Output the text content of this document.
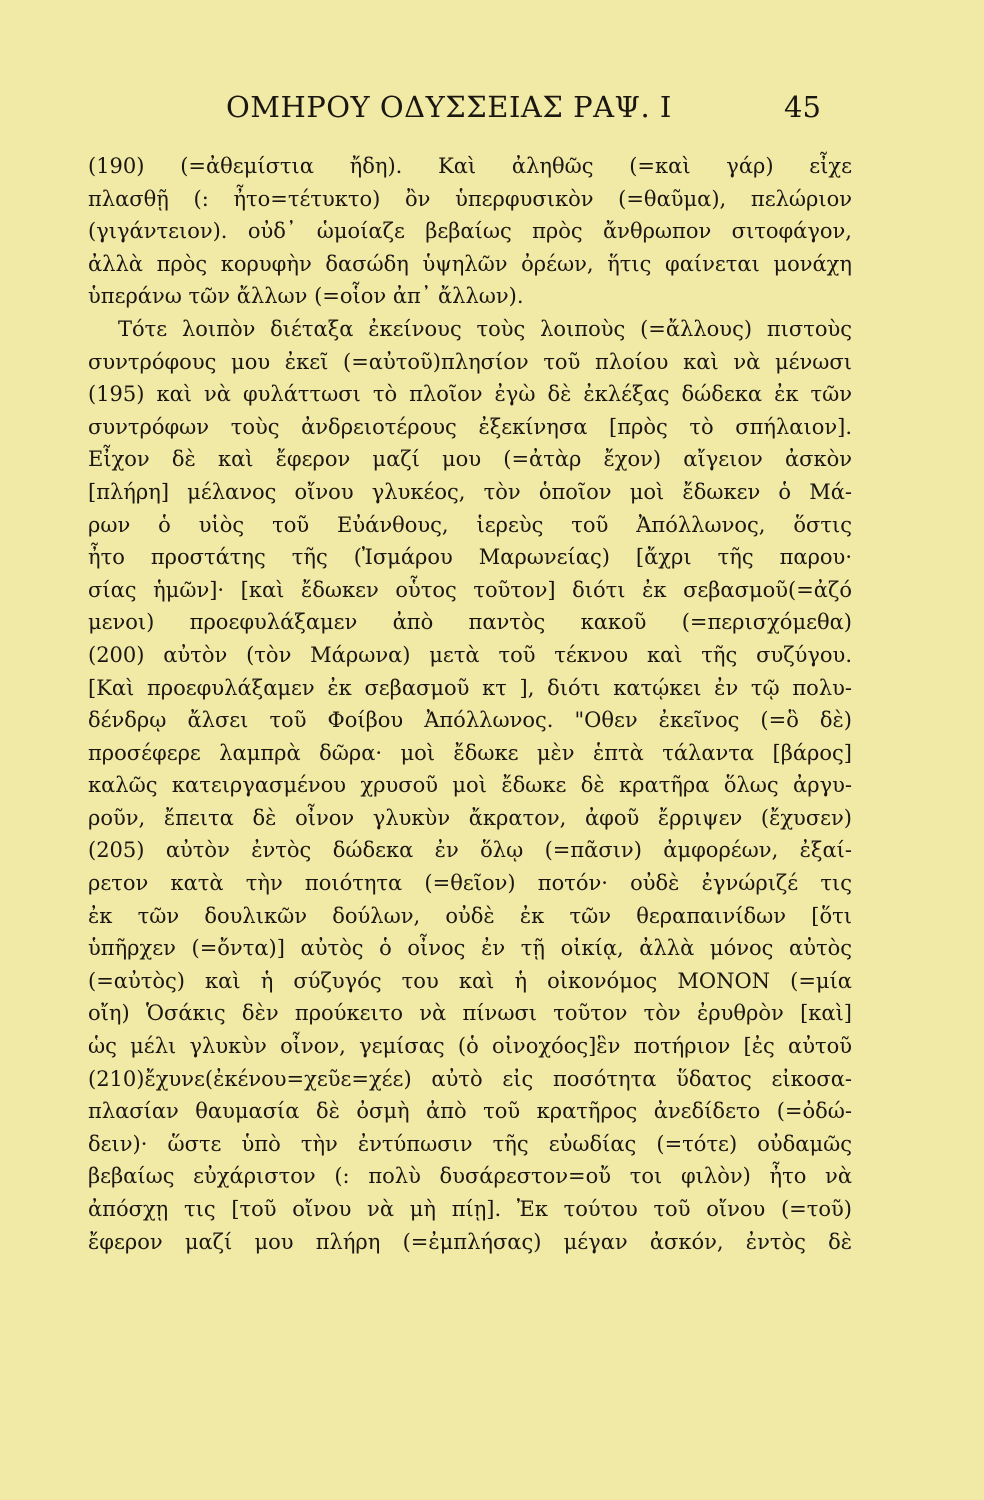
ΟΜΗΡΟΥ ΟΔΥΣΣΕΙΑΣ ΡΑΨ. Ι	45
(190) (=ἀθεμίστια ἤδη). Καὶ ἀληθῶς (=καὶ γάρ) εἶχε
πλασθῇ (: ἦτο=τέτυκτο) ὂν ὑπερφυσικὸν (=θαῦμα), πελώριον
(γιγάντειον). οὐδ᾽ ὡμοίαζε βεβαίως πρὸς ἄνθρωπον σιτοφάγον,
ἀλλὰ πρὸς κορυφὴν δασώδη ὑψηλῶν ὀρέων, ἥτις φαίνεται μονάχη
ὑπεράνω τῶν ἄλλων (=οἷον ἀπ᾽ ἄλλων).
Τότε λοιπὸν διέταξα ἐκείνους τοὺς λοιποὺς (=ἄλλους) πιστοὺς
συντρόφους μου ἐκεῖ (=αὐτοῦ)πλησίον τοῦ πλοίου καὶ νὰ μένωσι
(195) καὶ νὰ φυλάττωσι τὸ πλοῖον ἐγὼ δὲ ἐκλέξας δώδεκα ἐκ τῶν
συντρόφων τοὺς ἀνδρειοτέρους ἐξεκίνησα [πρὸς τὸ σπήλαιον].
Εἶχον δὲ καὶ ἔφερον μαζί μου (=ἀτὰρ ἔχον) αἴγειον ἀσκὸν
[πλήρη] μέλανος οἴνου γλυκέος, τὸν ὁποῖον μοὶ ἔδωκεν ὁ Μά-
ρων ὁ υἱὸς τοῦ Εὐάνθους, ἱερεὺς τοῦ Ἀπόλλωνος, ὅστις
ἦτο προστάτης τῆς (Ἰσμάρου Μαρωνείας) [ἄχρι τῆς παρου·
σίας ἡμῶν]· [καὶ ἔδωκεν οὗτος τοῦτον] διότι ἐκ σεβασμοῦ(=ἀζό
μενοι) προεφυλάξαμεν ἀπὸ παντὸς κακοῦ (=περισχόμεθα)
(200) αὐτὸν (τὸν Μάρωνα) μετὰ τοῦ τέκνου καὶ τῆς συζύγου.
[Καὶ προεφυλάξαμεν ἐκ σεβασμοῦ κτ ], διότι κατῴκει ἐν τῷ πολυ-
δένδρῳ ἄλσει τοῦ Φοίβου Ἀπόλλωνος. "Οθεν ἐκεῖνος (=ὃ δὲ)
προσέφερε λαμπρὰ δῶρα· μοὶ ἔδωκε μὲν ἑπτὰ τάλαντα [βάρος]
καλῶς κατειργασμένου χρυσοῦ μοὶ ἔδωκε δὲ κρατῆρα ὅλως ἀργυ-
ροῦν, ἔπειτα δὲ οἶνον γλυκὺν ἄκρατον, ἀφοῦ ἔρριψεν (ἔχυσεν)
(205) αὐτὸν ἐντὸς δώδεκα ἐν ὅλῳ (=πᾶσιν) ἀμφορέων, ἐξαί-
ρετον κατὰ τὴν ποιότητα (=θεῖον) ποτόν· οὐδὲ ἐγνώριζέ τις
ἐκ τῶν δουλικῶν δούλων, οὐδὲ ἐκ τῶν θεραπαινίδων [ὅτι
ὑπῆρχεν (=ὄντα)] αὐτὸς ὁ οἶνος ἐν τῇ οἰκίᾳ, ἀλλὰ μόνος αὐτὸς
(=αὐτὸς) καὶ ἡ σύζυγός του καὶ ἡ οἰκονόμος ΜΟΝΟΝ (=μία
οἴη) Ὁσάκις δὲν προύκειτο νὰ πίνωσι τοῦτον τὸν ἐρυθρὸν [καὶ]
ὡς μέλι γλυκὺν οἶνον, γεμίσας (ὁ οἰνοχόος]ἓν ποτήριον [ἐς αὐτοῦ
(210)ἔχυνε(ἐκένου=χεῦε=χέε) αὐτὸ εἰς ποσότητα ὕδατος εἰκοσα-
πλασίαν θαυμασία δὲ ὀσμὴ ἀπὸ τοῦ κρατῆρος ἀνεδίδετο (=ὀδώ-
δειν)· ὥστε ὑπὸ τὴν ἐντύπωσιν τῆς εὐωδίας (=τότε) οὐδαμῶς
βεβαίως εὐχάριστον (: πολὺ δυσάρεστον=οὔ τοι φιλὸν) ἦτο νὰ
ἀπόσχῃ τις [τοῦ οἴνου νὰ μὴ πίῃ]. Ἐκ τούτου τοῦ οἴνου (=τοῦ)
ἔφερον μαζί μου πλήρη (=ἐμπλήσας) μέγαν ἀσκόν, ἐντὸς δὲ
